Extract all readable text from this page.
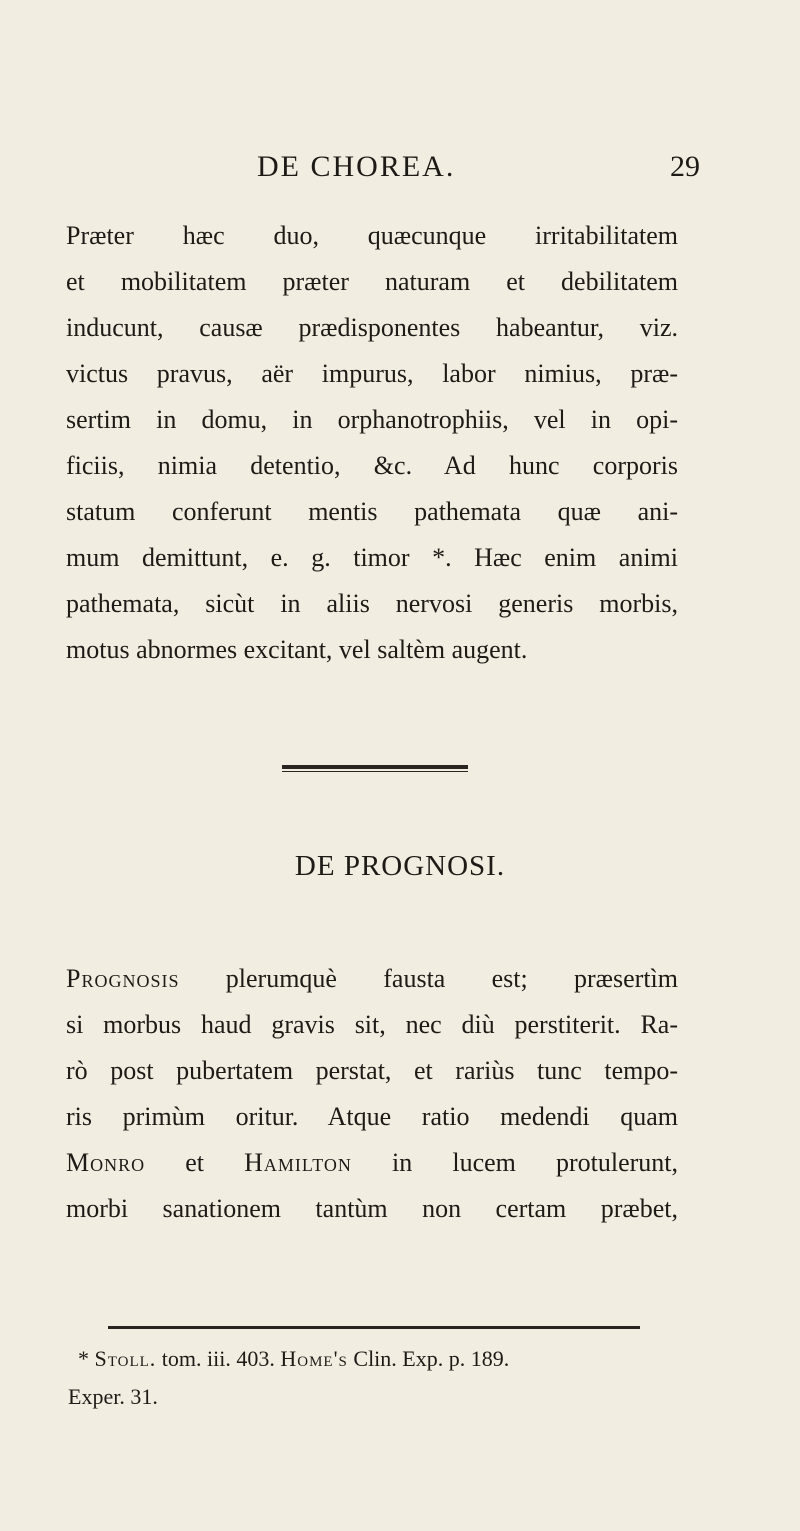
DE CHOREA.	29

Præter hæc duo, quæcunque irritabilitatem
et mobilitatem præter naturam et debilitatem
inducunt, causæ prædisponentes habeantur, viz.
victus pravus, aër impurus, labor nimius, præ-
sertim in domu, in orphanotrophiis, vel in opi-
ficiis, nimia detentio, &c. Ad hunc corporis
statum conferunt mentis pathemata quæ ani-
mum demittunt, e. g. timor *. Hæc enim animi
pathemata, sicùt in aliis nervosi generis morbis,
motus abnormes excitant, vel saltèm augent.

DE PROGNOSI.

Prognosis plerumquè fausta est; præsertìm
si morbus haud gravis sit, nec diù perstiterit. Ra-
rò post pubertatem perstat, et rariùs tunc tempo-
ris primùm oritur. Atque ratio medendi quam
Monro et Hamilton in lucem protulerunt,
morbi sanationem tantùm non certam præbet,

* Stoll. tom. iii. 403. Home's Clin. Exp. p. 189.
Exper. 31.
